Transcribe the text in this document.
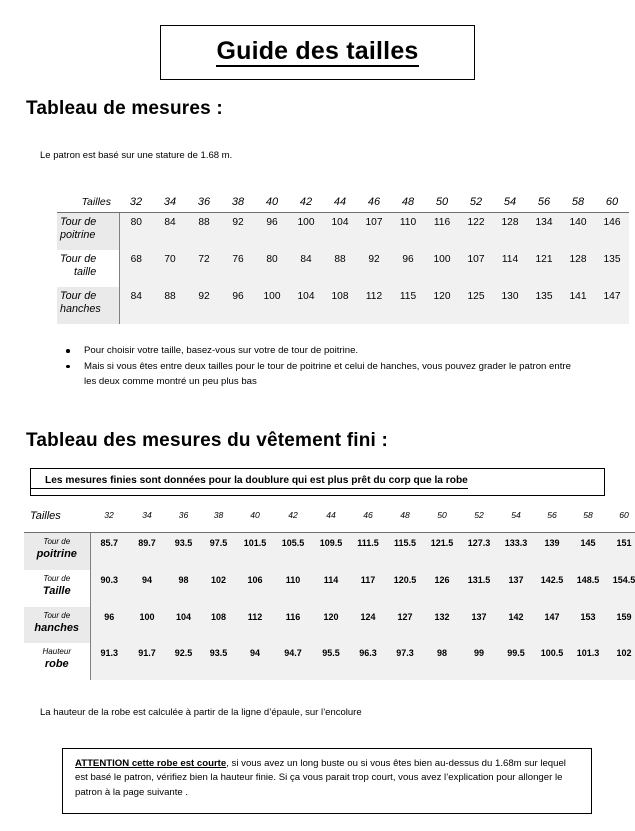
Guide des tailles
Tableau de mesures :
Le patron est basé sur une stature de 1.68 m.
Tailles	32	34	36	38	40	42	44	46	48	50	52	54	56	58	60
Tour de
poitrine	80	84	88	92	96	100	104	107	110	116	122	128	134	140	146
Tour de
taille	68	70	72	76	80	84	88	92	96	100	107	114	121	128	135
Tour de
hanches	84	88	92	96	100	104	108	112	115	120	125	130	135	141	147
Pour choisir votre taille, basez-vous sur votre de tour de poitrine.
Mais si vous êtes entre deux tailles pour le tour de poitrine et celui de hanches, vous pouvez grader le patron entre les deux comme montré un peu plus bas
Tableau des mesures du vêtement fini :
Les mesures finies sont données pour la doublure qui est plus prêt du corp que la robe
Tailles	32	34	36	38	40	42	44	46	48	50	52	54	56	58	60
Tour de
poitrine	85.7	89.7	93.5	97.5	101.5	105.5	109.5	111.5	115.5	121.5	127.3	133.3	139	145	151
Tour de
Taille	90.3	94	98	102	106	110	114	117	120.5	126	131.5	137	142.5	148.5	154.5
Tour de
hanches	96	100	104	108	112	116	120	124	127	132	137	142	147	153	159
Hauteur
robe	91.3	91.7	92.5	93.5	94	94.7	95.5	96.3	97.3	98	99	99.5	100.5	101.3	102
La hauteur de la robe est calculée à partir de la ligne d’épaule, sur l’encolure
ATTENTION cette robe est courte, si vous avez un long buste ou si vous êtes bien au-dessus du 1.68m sur lequel est basé le patron, vérifiez bien la hauteur finie. Si ça vous parait trop court, vous avez l’explication pour allonger le patron à la page suivante .
